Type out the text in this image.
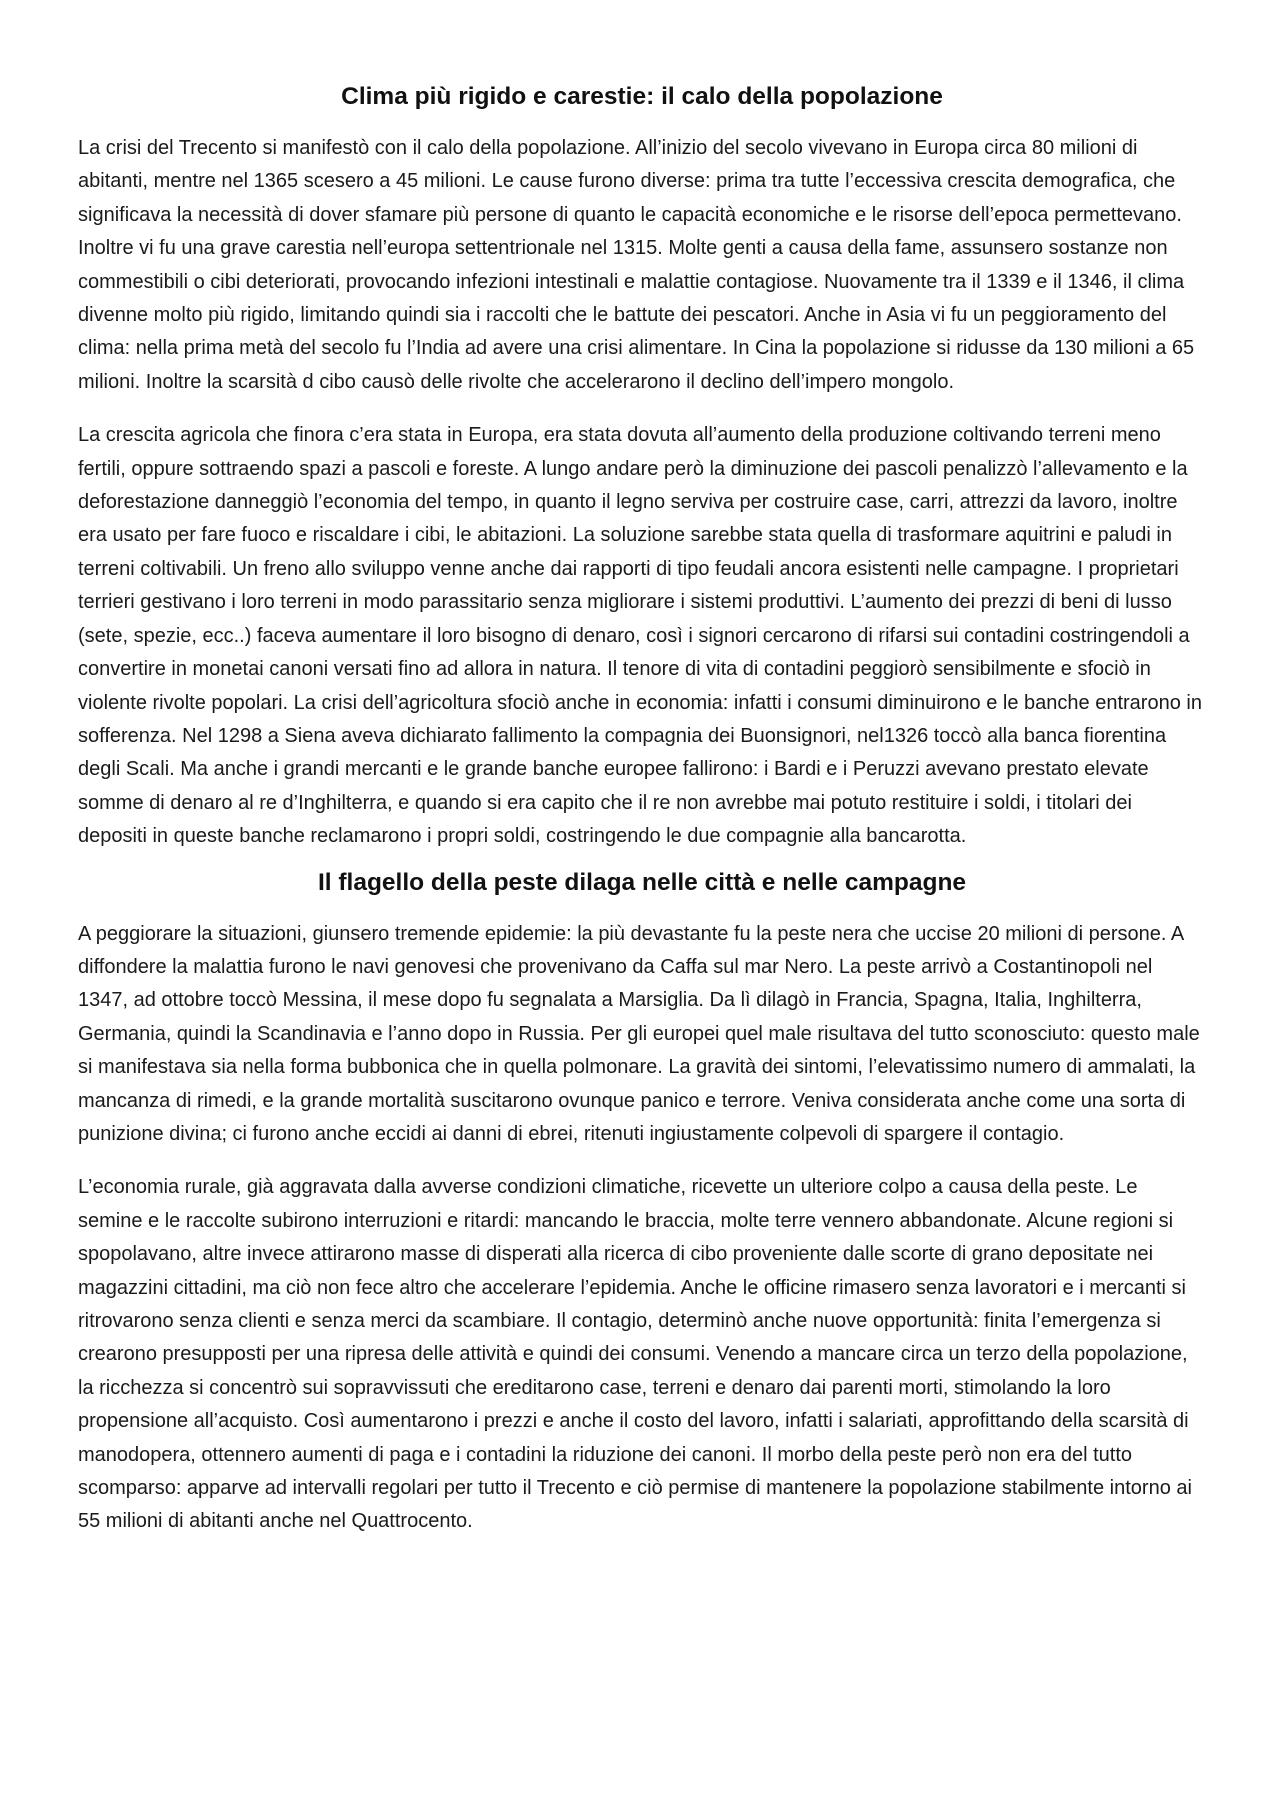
Clima più rigido e carestie: il calo della popolazione

La crisi del Trecento si manifestò con il calo della popolazione. All’inizio del secolo vivevano in Europa circa 80 milioni di abitanti, mentre nel 1365 scesero a 45 milioni. Le cause furono diverse: prima tra tutte l’eccessiva crescita demografica, che significava la necessità di dover sfamare più persone di quanto le capacità economiche e le risorse dell’epoca permettevano. Inoltre vi fu una grave carestia nell’europa settentrionale nel 1315. Molte genti a causa della fame, assunsero sostanze non commestibili o cibi deteriorati, provocando infezioni intestinali e malattie contagiose. Nuovamente tra il 1339 e il 1346, il clima divenne molto più rigido, limitando quindi sia i raccolti che le battute dei pescatori. Anche in Asia vi fu un peggioramento del clima: nella prima metà del secolo fu l’India ad avere una crisi alimentare. In Cina la popolazione si ridusse da 130 milioni a 65 milioni. Inoltre la scarsità d cibo causò delle rivolte che accelerarono il declino dell’impero mongolo.

La crescita agricola che finora c’era stata in Europa, era stata dovuta all’aumento della produzione coltivando terreni meno fertili, oppure sottraendo spazi a pascoli e foreste. A lungo andare però la diminuzione dei pascoli penalizzò l’allevamento e la deforestazione danneggiò l’economia del tempo, in quanto il legno serviva per costruire case, carri, attrezzi da lavoro, inoltre era usato per fare fuoco e riscaldare i cibi, le abitazioni. La soluzione sarebbe stata quella di trasformare aquitrini e paludi in terreni coltivabili. Un freno allo sviluppo venne anche dai rapporti di tipo feudali ancora esistenti nelle campagne. I proprietari terrieri gestivano i loro terreni in modo parassitario senza migliorare i sistemi produttivi. L’aumento dei prezzi di beni di lusso (sete, spezie, ecc..) faceva aumentare il loro bisogno di denaro, così i signori cercarono di rifarsi sui contadini costringendoli a convertire in monetai canoni versati fino ad allora in natura. Il tenore di vita di contadini peggiorò sensibilmente e sfociò in violente rivolte popolari. La crisi dell’agricoltura sfociò anche in economia: infatti i consumi diminuirono e le banche entrarono in sofferenza. Nel 1298 a Siena aveva dichiarato fallimento la compagnia dei Buonsignori, nel1326 toccò alla banca fiorentina degli Scali. Ma anche i grandi mercanti e le grande banche europee fallirono: i Bardi e i Peruzzi avevano prestato elevate somme di denaro al re d’Inghilterra, e quando si era capito che il re non avrebbe mai potuto restituire i soldi, i titolari dei depositi in queste banche reclamarono i propri soldi, costringendo le due compagnie alla bancarotta.

Il flagello della peste dilaga nelle città e nelle campagne

A peggiorare la situazioni, giunsero tremende epidemie: la più devastante fu la peste nera che uccise 20 milioni di persone. A diffondere la malattia furono le navi genovesi che provenivano da Caffa sul mar Nero. La peste arrivò a Costantinopoli nel 1347, ad ottobre toccò Messina, il mese dopo fu segnalata a Marsiglia. Da lì dilagò in Francia, Spagna, Italia, Inghilterra, Germania, quindi la Scandinavia e l’anno dopo in Russia. Per gli europei quel male risultava del tutto sconosciuto: questo male si manifestava sia nella forma bubbonica che in quella polmonare. La gravità dei sintomi, l’elevatissimo numero di ammalati, la mancanza di rimedi, e la grande mortalità suscitarono ovunque panico e terrore. Veniva considerata anche come una sorta di punizione divina; ci furono anche eccidi ai danni di ebrei, ritenuti ingiustamente colpevoli di spargere il contagio.

L’economia rurale, già aggravata dalla avverse condizioni climatiche, ricevette un ulteriore colpo a causa della peste. Le semine e le raccolte subirono interruzioni e ritardi: mancando le braccia, molte terre vennero abbandonate. Alcune regioni si spopolavano, altre invece attirarono masse di disperati alla ricerca di cibo proveniente dalle scorte di grano depositate nei magazzini cittadini, ma ciò non fece altro che accelerare l’epidemia. Anche le officine rimasero senza lavoratori e i mercanti si ritrovarono senza clienti e senza merci da scambiare. Il contagio, determinò anche nuove opportunità: finita l’emergenza si crearono presupposti per una ripresa delle attività e quindi dei consumi. Venendo a mancare circa un terzo della popolazione, la ricchezza si concentrò sui sopravvissuti che ereditarono case, terreni e denaro dai parenti morti, stimolando la loro propensione all’acquisto. Così aumentarono i prezzi e anche il costo del lavoro, infatti i salariati, approfittando della scarsità di manodopera, ottennero aumenti di paga e i contadini la riduzione dei canoni. Il morbo della peste però non era del tutto scomparso: apparve ad intervalli regolari per tutto il Trecento e ciò permise di mantenere la popolazione stabilmente intorno ai 55 milioni di abitanti anche nel Quattrocento.
